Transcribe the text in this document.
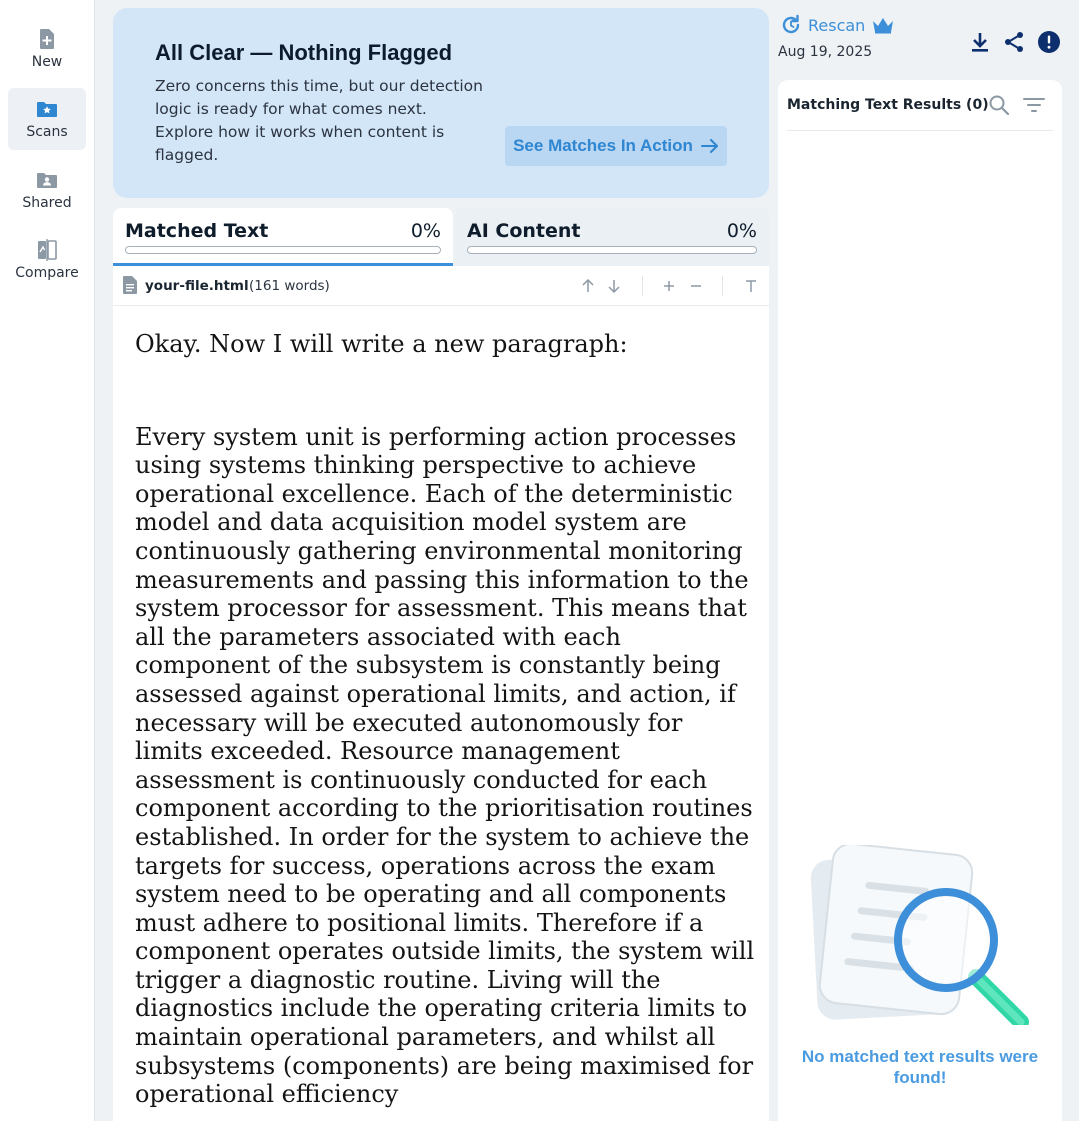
New
Scans
Shared
Compare
All Clear — Nothing Flagged

Zero concerns this time, but our detection logic is ready for what comes next. Explore how it works when content is flagged.	See Matches In Action
Matched Text	0% AI Content	0%
your-file.html (161 words)

Okay. Now I will write a new paragraph:

Every system unit is performing action processes using systems thinking perspective to achieve operational excellence. Each of the deterministic model and data acquisition model system are continuously gathering environmental monitoring measurements and passing this information to the system processor for assessment. This means that all the parameters associated with each component of the subsystem is constantly being assessed against operational limits, and action, if necessary will be executed autonomously for limits exceeded. Resource management assessment is continuously conducted for each component according to the prioritisation routines established. In order for the system to achieve the targets for success, operations across the exam system need to be operating and all components must adhere to positional limits. Therefore if a component operates outside limits, the system will trigger a diagnostic routine. Living will the diagnostics include the operating criteria limits to maintain operational parameters, and whilst all subsystems (components) are being maximised for operational efficiency

Rescan
Aug 19, 2025
Matching Text Results (0)
No matched text results were found!
